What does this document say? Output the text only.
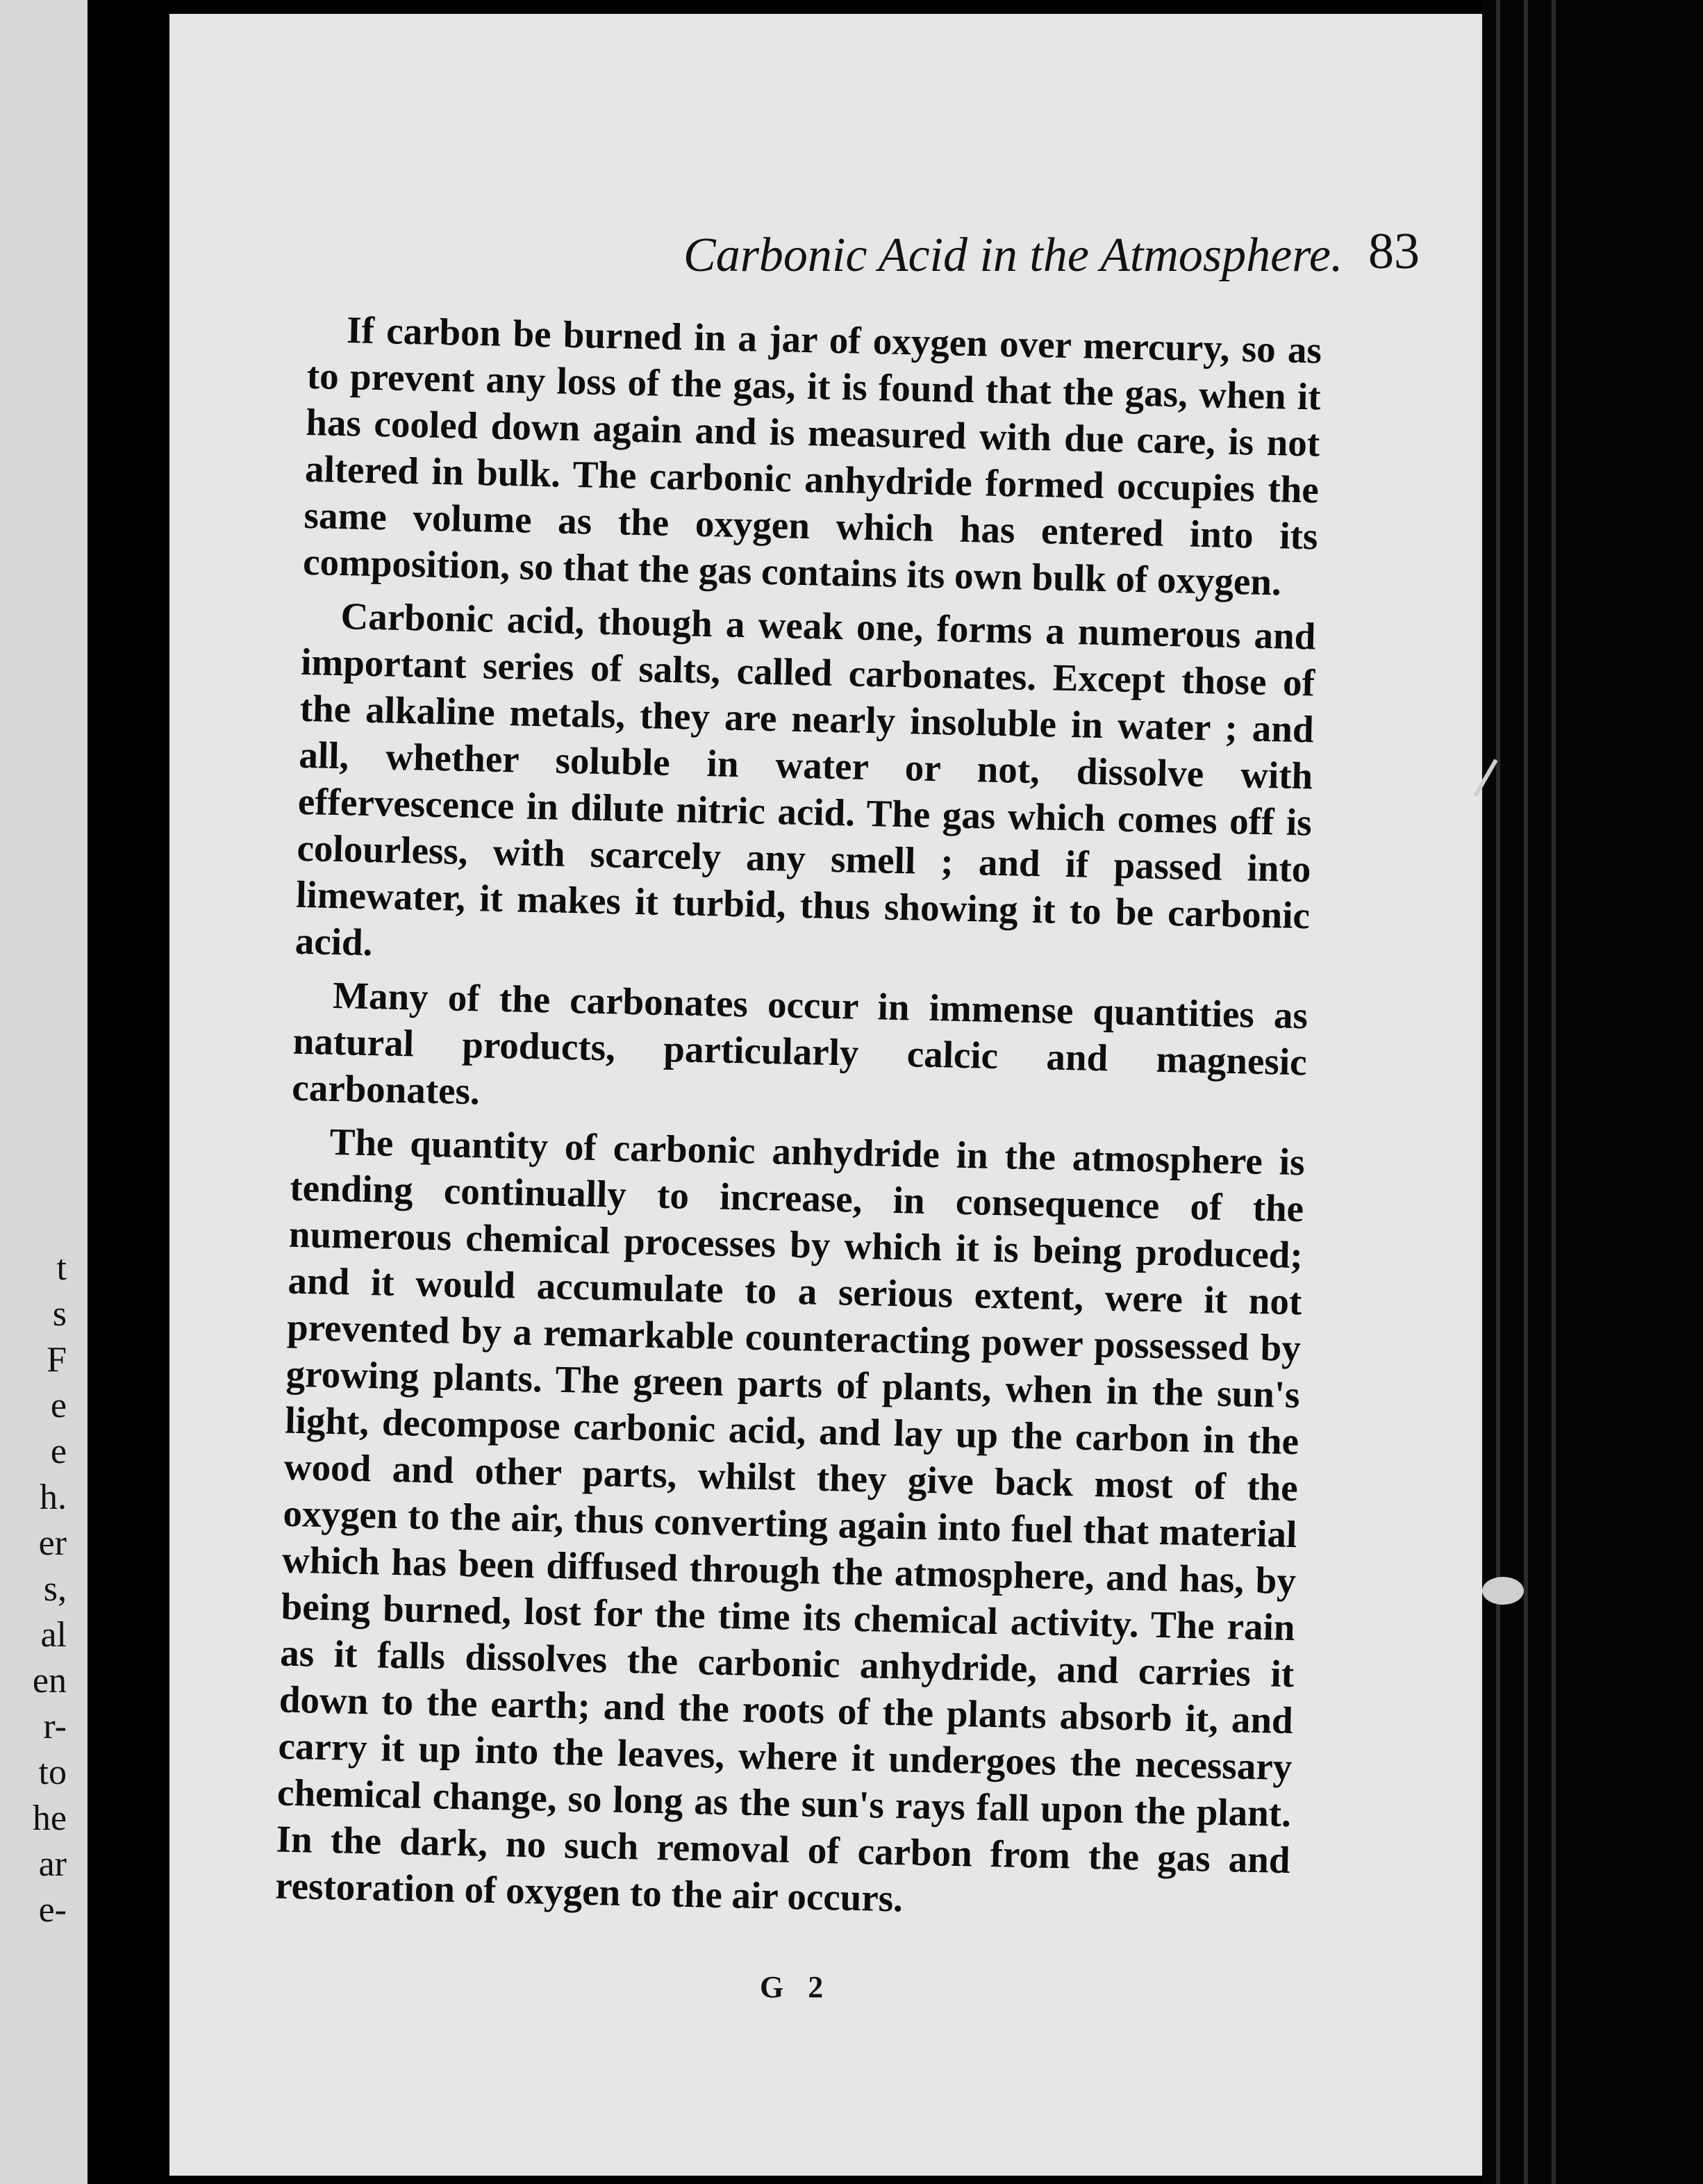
t
s
F
e
e
h.
er
s,
al
en
r-
to
he
ar
e-
Carbonic Acid in the Atmosphere. 83

If carbon be burned in a jar of oxygen over mercury, so as to prevent any loss of the gas, it is found that the gas, when it has cooled down again and is measured with due care, is not altered in bulk. The carbonic anhydride formed occupies the same volume as the oxygen which has entered into its composition, so that the gas contains its own bulk of oxygen.

Carbonic acid, though a weak one, forms a numerous and important series of salts, called carbonates. Except those of the alkaline metals, they are nearly insoluble in water ; and all, whether soluble in water or not, dissolve with effervescence in dilute nitric acid. The gas which comes off is colourless, with scarcely any smell ; and if passed into limewater, it makes it turbid, thus showing it to be carbonic acid.

Many of the carbonates occur in immense quantities as natural products, particularly calcic and magnesic carbonates.

The quantity of carbonic anhydride in the atmosphere is tending continually to increase, in consequence of the numerous chemical processes by which it is being produced; and it would accumulate to a serious extent, were it not prevented by a remarkable counteracting power possessed by growing plants. The green parts of plants, when in the sun's light, decompose carbonic acid, and lay up the carbon in the wood and other parts, whilst they give back most of the oxygen to the air, thus converting again into fuel that material which has been diffused through the atmosphere, and has, by being burned, lost for the time its chemical activity. The rain as it falls dissolves the carbonic anhydride, and carries it down to the earth; and the roots of the plants absorb it, and carry it up into the leaves, where it undergoes the necessary chemical change, so long as the sun's rays fall upon the plant. In the dark, no such removal of carbon from the gas and restoration of oxygen to the air occurs.

G 2
